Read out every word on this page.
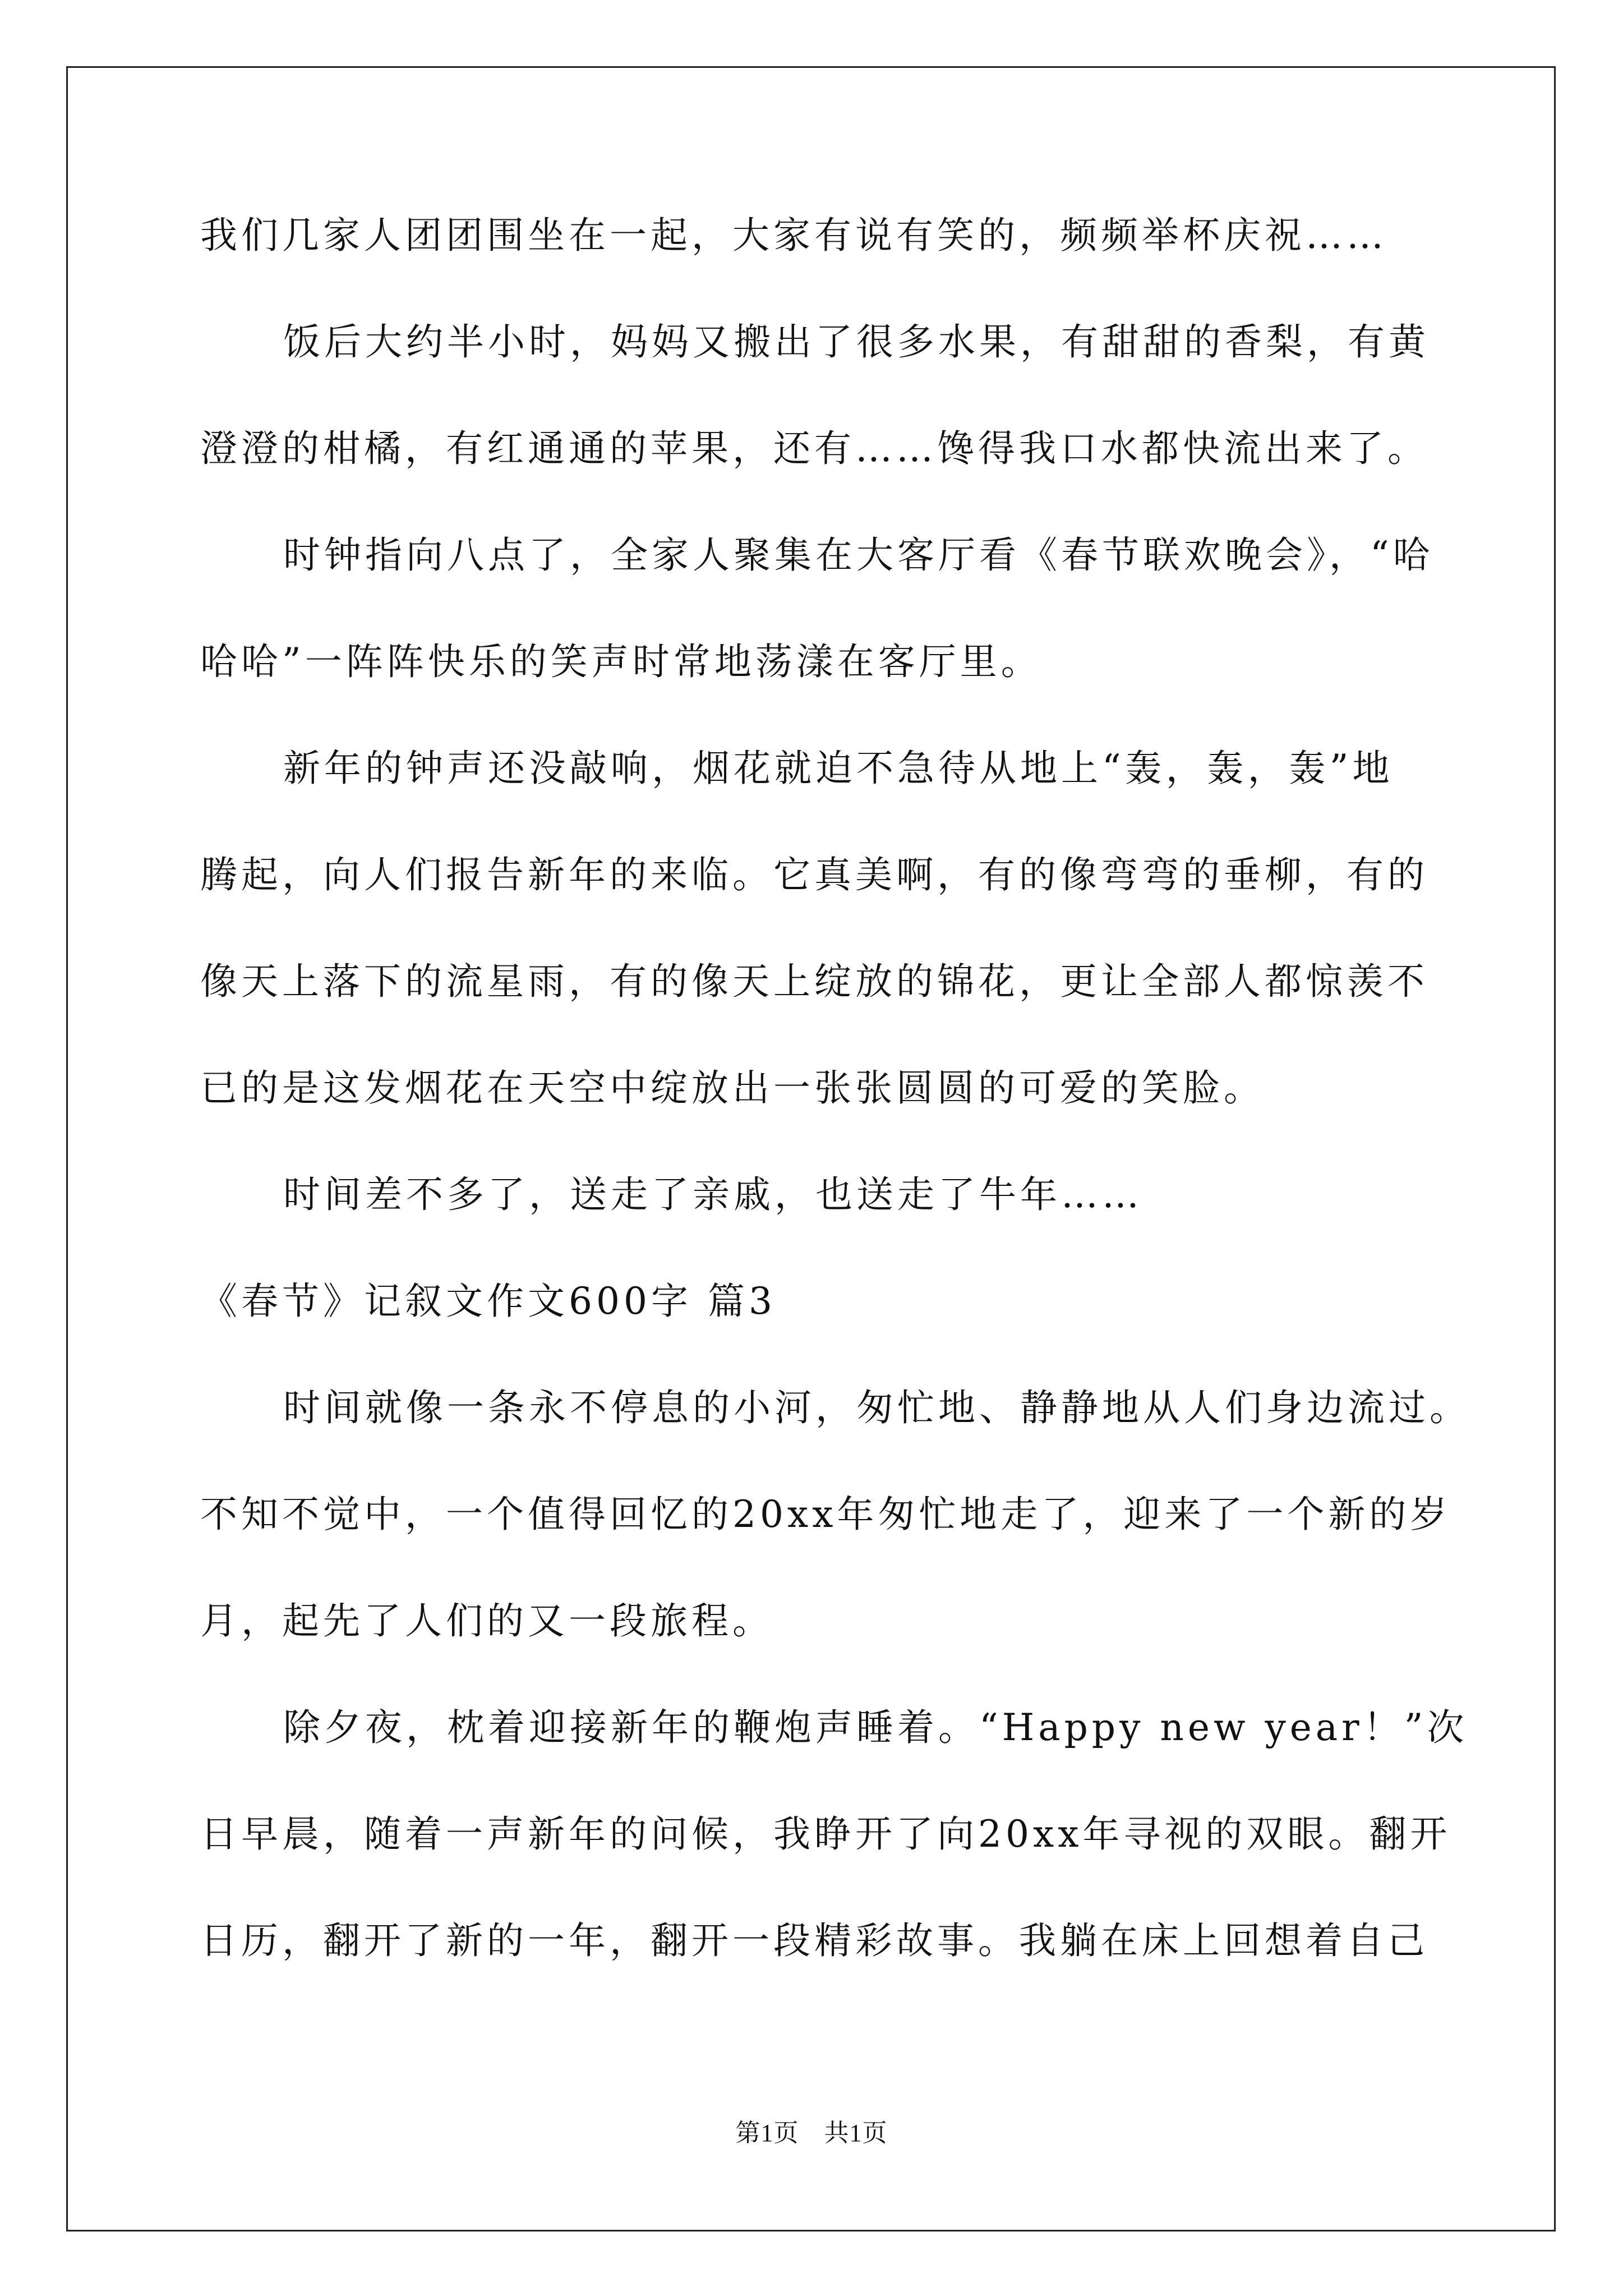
我们几家人团团围坐在一起，大家有说有笑的，频频举杯庆祝……
饭后大约半小时，妈妈又搬出了很多水果，有甜甜的香梨，有黄
澄澄的柑橘，有红通通的苹果，还有……馋得我口水都快流出来了。
时钟指向八点了，全家人聚集在大客厅看《春节联欢晚会》，“哈
哈哈”一阵阵快乐的笑声时常地荡漾在客厅里。
新年的钟声还没敲响，烟花就迫不急待从地上“轰，轰，轰”地
腾起，向人们报告新年的来临。它真美啊，有的像弯弯的垂柳，有的
像天上落下的流星雨，有的像天上绽放的锦花，更让全部人都惊羡不
已的是这发烟花在天空中绽放出一张张圆圆的可爱的笑脸。
时间差不多了，送走了亲戚，也送走了牛年……
《春节》记叙文作文600字 篇3
时间就像一条永不停息的小河，匆忙地、静静地从人们身边流过。
不知不觉中，一个值得回忆的20xx年匆忙地走了，迎来了一个新的岁
月，起先了人们的又一段旅程。
除夕夜，枕着迎接新年的鞭炮声睡着。“Happy new year！”次
日早晨，随着一声新年的问候，我睁开了向20xx年寻视的双眼。翻开
日历，翻开了新的一年，翻开一段精彩故事。我躺在床上回想着自己
第1页　共1页
